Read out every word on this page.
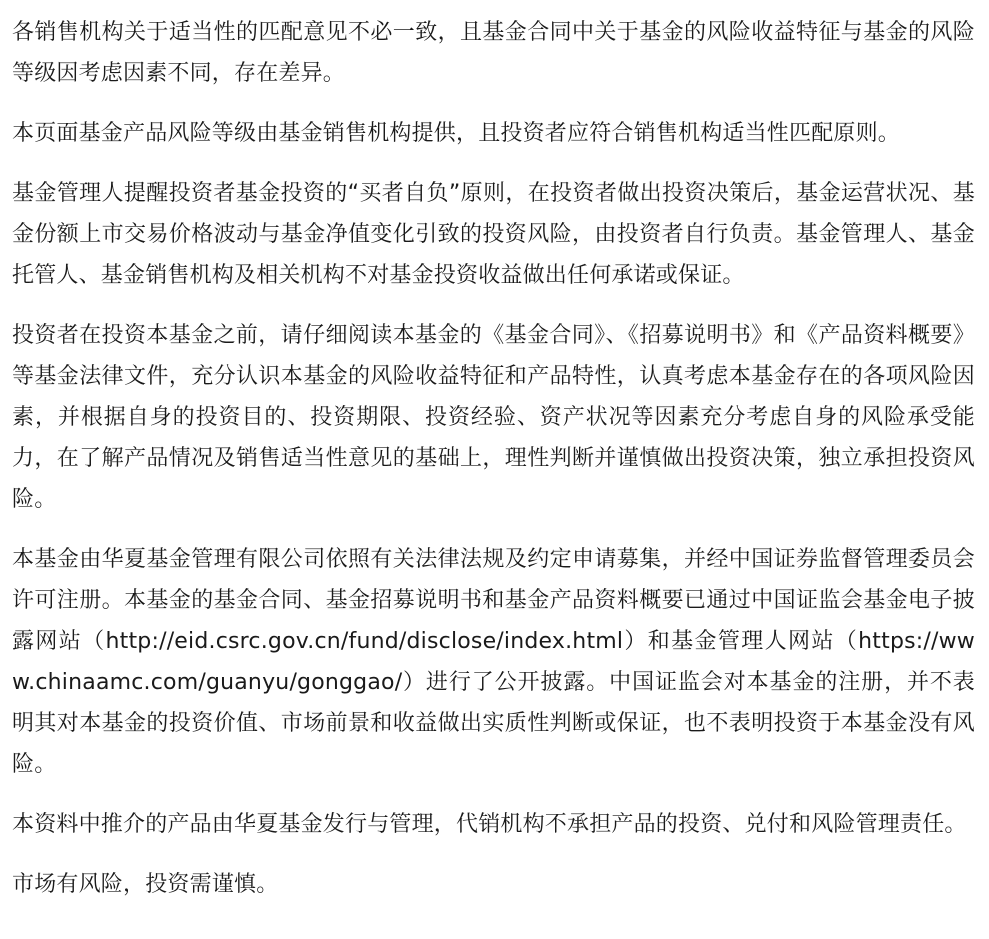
各销售机构关于适当性的匹配意见不必一致，且基金合同中关于基金的风险收益特征与基金的风险等级因考虑因素不同，存在差异。

本页面基金产品风险等级由基金销售机构提供，且投资者应符合销售机构适当性匹配原则。

基金管理人提醒投资者基金投资的“买者自负”原则，在投资者做出投资决策后，基金运营状况、基金份额上市交易价格波动与基金净值变化引致的投资风险，由投资者自行负责。基金管理人、基金托管人、基金销售机构及相关机构不对基金投资收益做出任何承诺或保证。

投资者在投资本基金之前，请仔细阅读本基金的《基金合同》、《招募说明书》和《产品资料概要》等基金法律文件，充分认识本基金的风险收益特征和产品特性，认真考虑本基金存在的各项风险因素，并根据自身的投资目的、投资期限、投资经验、资产状况等因素充分考虑自身的风险承受能力，在了解产品情况及销售适当性意见的基础上，理性判断并谨慎做出投资决策，独立承担投资风险。

本基金由华夏基金管理有限公司依照有关法律法规及约定申请募集，并经中国证券监督管理委员会许可注册。本基金的基金合同、基金招募说明书和基金产品资料概要已通过中国证监会基金电子披露网站（http://eid.csrc.gov.cn/fund/disclose/index.html）和基金管理人网站（https://www.chinaamc.com/guanyu/gonggao/）进行了公开披露。中国证监会对本基金的注册，并不表明其对本基金的投资价值、市场前景和收益做出实质性判断或保证，也不表明投资于本基金没有风险。

本资料中推介的产品由华夏基金发行与管理，代销机构不承担产品的投资、兑付和风险管理责任。

市场有风险，投资需谨慎。
